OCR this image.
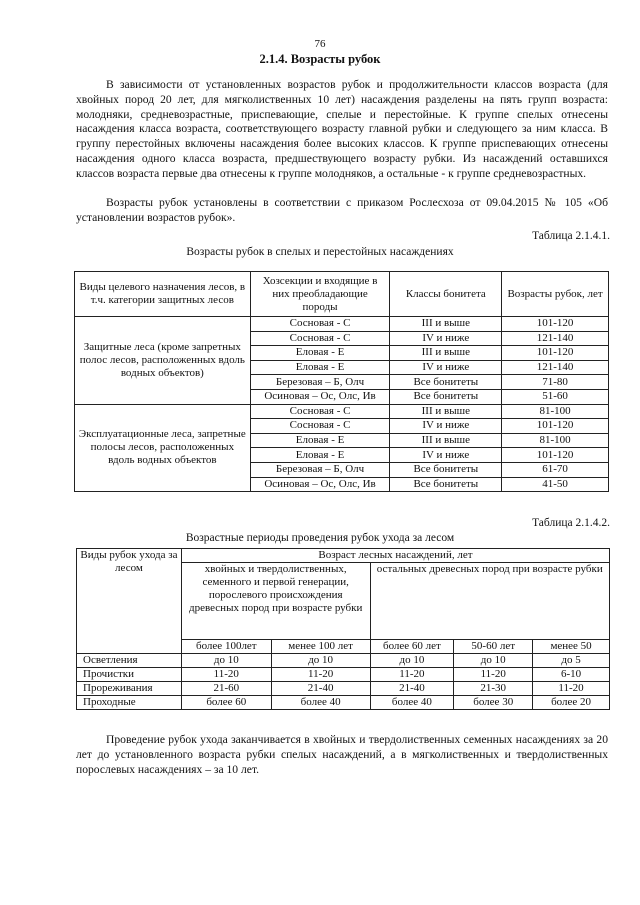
76
2.1.4. Возрасты рубок

В зависимости от установленных возрастов рубок и продолжительности классов возраста (для хвойных пород 20 лет, для мягколиственных 10 лет) насаждения разделены на пять групп возраста: молодняки, средневозрастные, приспевающие, спелые и перестойные. К группе спелых отнесены насаждения класса возраста, соответствующего возрасту главной рубки и следующего за ним класса. В группу перестойных включены насаждения более высоких классов. К группе приспевающих отнесены насаждения одного класса возраста, предшествующего возрасту рубки. Из насаждений оставшихся классов возраста первые два отнесены к группе молодняков, а остальные - к группе средневозрастных.

Возрасты рубок установлены в соответствии с приказом Рослесхоза от 09.04.2015 № 105 «Об установлении возрастов рубок».

Таблица 2.1.4.1.
Возрасты рубок в спелых и перестойных насаждениях
Виды целевого назначения лесов, в т.ч. категории защитных лесов	Хозсекции и входящие в них преобладающие породы	Классы бонитета	Возрасты рубок, лет
Защитные леса (кроме запретных полос лесов, расположенных вдоль водных объектов)	Сосновая - С	III и выше	101-120
	Сосновая - С	IV и ниже	121-140
	Еловая - Е	III и выше	101-120
	Еловая - Е	IV и ниже	121-140
	Березовая – Б, Олч	Все бонитеты	71-80
	Осиновая – Ос, Олс, Ив	Все бонитеты	51-60
Эксплуатационные леса, запретные полосы лесов, расположенных вдоль водных объектов	Сосновая - С	III и выше	81-100
	Сосновая - С	IV и ниже	101-120
	Еловая - Е	III и выше	81-100
	Еловая - Е	IV и ниже	101-120
	Березовая – Б, Олч	Все бонитеты	61-70
	Осиновая – Ос, Олс, Ив	Все бонитеты	41-50
Таблица 2.1.4.2.
Возрастные периоды проведения рубок ухода за лесом
Виды рубок ухода за лесом	Возраст лесных насаждений, лет				
	хвойных и твердолиственных, семенного и первой генерации, порослевого происхождения древесных пород при возрасте рубки		остальных древесных пород при возрасте рубки		
	более 100лет	менее 100 лет	более 60 лет	50-60 лет	менее 50
Осветления	до 10	до 10	до 10	до 10	до 5
Прочистки	11-20	11-20	11-20	11-20	6-10
Прореживания	21-60	21-40	21-40	21-30	11-20
Проходные	более 60	более 40	более 40	более 30	более 20

Проведение рубок ухода заканчивается в хвойных и твердолиственных семенных насаждениях за 20 лет до установленного возраста рубки спелых насаждений, а в мягколиственных и твердолиственных порослевых насаждениях – за 10 лет.
